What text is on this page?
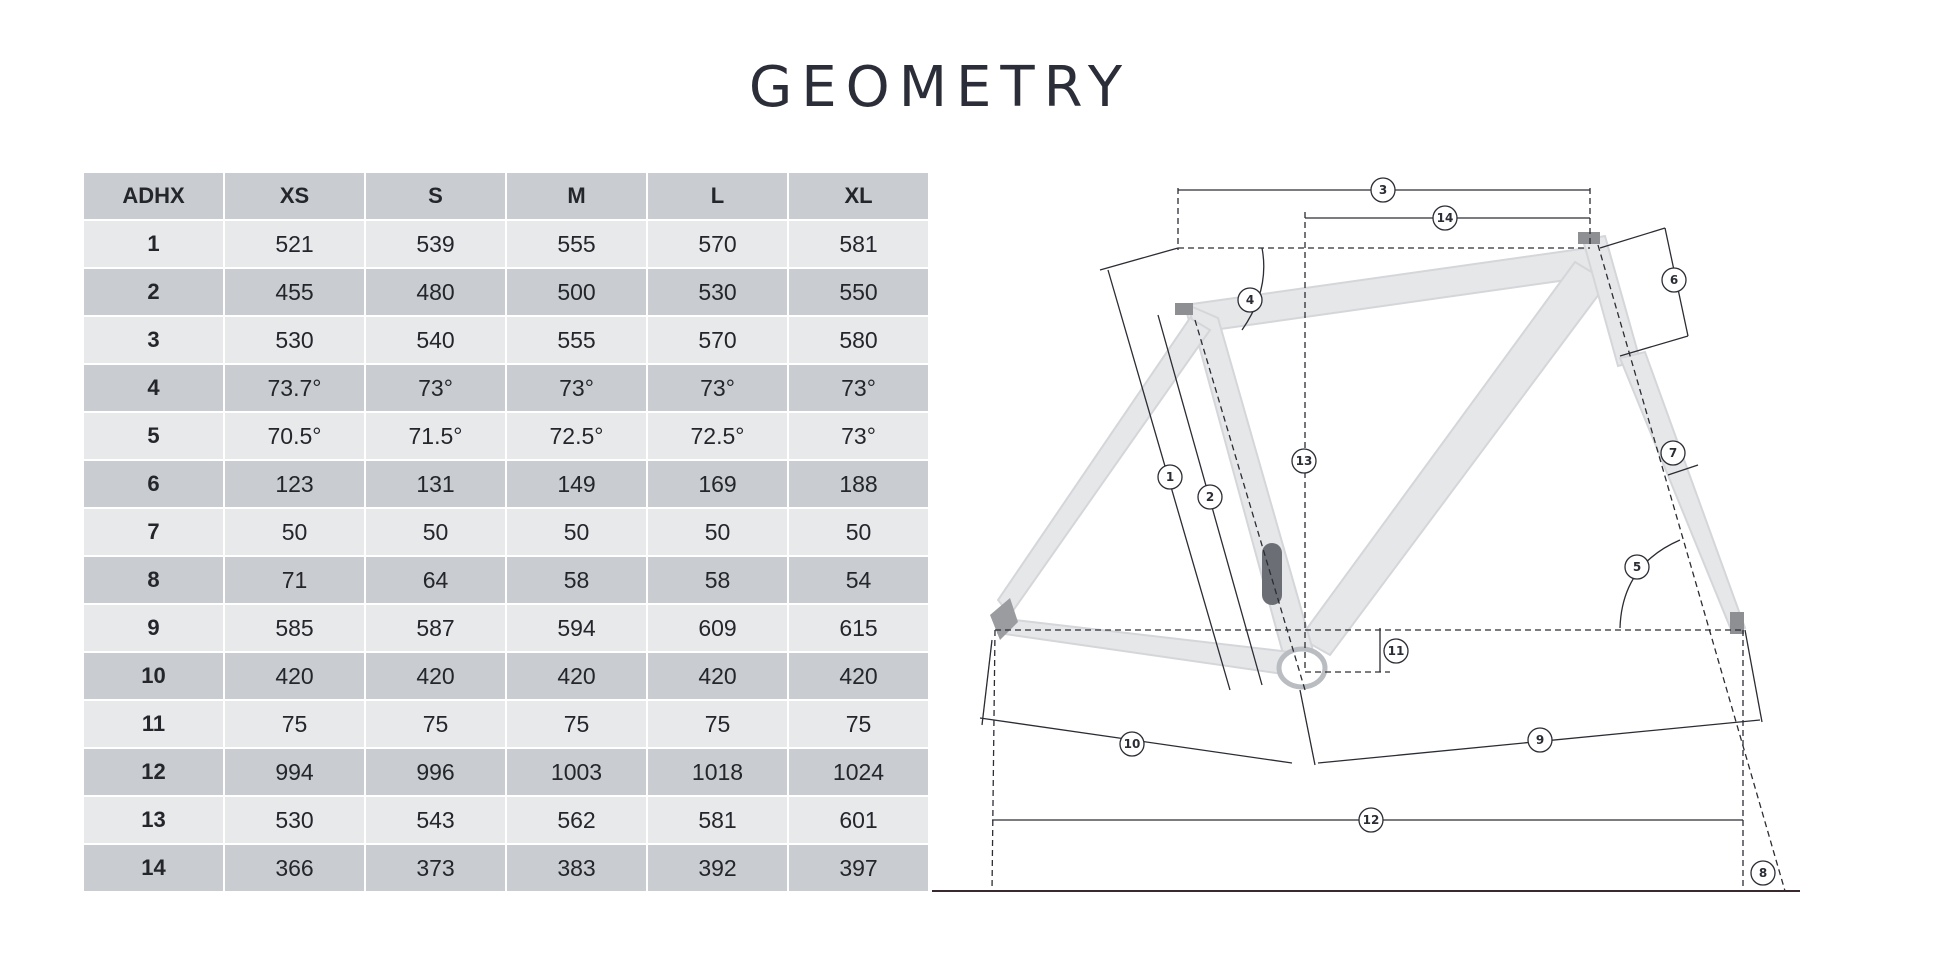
GEOMETRY
ADHX	XS	S	M	L	XL
1	521	539	555	570	581
2	455	480	500	530	550
3	530	540	555	570	580
4	73.7°	73°	73°	73°	73°
5	70.5°	71.5°	72.5°	72.5°	73°
6	123	131	149	169	188
7	50	50	50	50	50
8	71	64	58	58	54
9	585	587	594	609	615
10	420	420	420	420	420
11	75	75	75	75	75
12	994	996	1003	1018	1024
13	530	543	562	581	601
14	366	373	383	392	397
1
2
3
4
5
6
7
8
9
10
11
12
13
14
